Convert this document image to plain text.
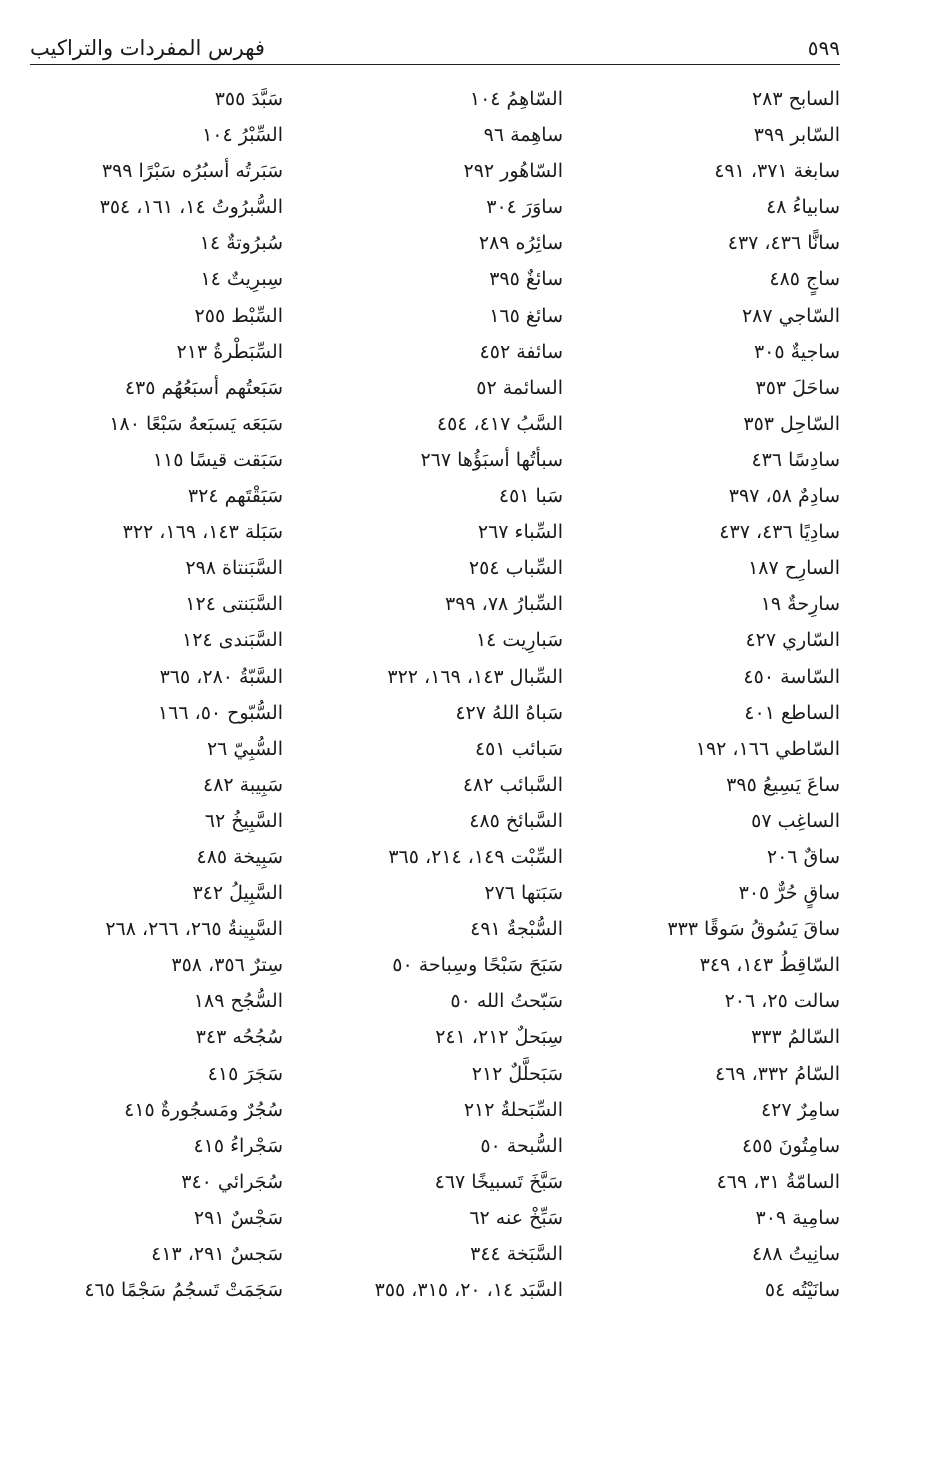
فهرس المفردات والتراكيب	٥٩٩
السابح ٢٨٣
السّابر ٣٩٩
سابغة ٣٧١، ٤٩١
سابياءُ ٤٨
سانًّا ٤٣٦، ٤٣٧
ساجٍ ٤٨٥
السّاجي ٢٨٧
ساجيةٌ ٣٠٥
ساحَلَ ٣٥٣
السّاحِل ٣٥٣
سادِسًا ٤٣٦
سادِمٌ ٥٨، ٣٩٧
سادِيًا ٤٣٦، ٤٣٧
السارِح ١٨٧
سارِحةٌ ١٩
السّاري ٤٢٧
السّاسة ٤٥٠
الساطع ٤٠١
السّاطي ١٦٦، ١٩٢
ساعَ يَسِيعُ ٣٩٥
الساغِب ٥٧
ساقٌ ٢٠٦
ساقٍ حُرٌّ ٣٠٥
ساقَ يَسُوقُ سَوقًا ٣٣٣
السّاقِطُ ١٤٣، ٣٤٩
سالت ٢٥، ٢٠٦
السّالمُ ٣٣٣
السّامُ ٣٣٢، ٤٦٩
سامِرٌ ٤٢٧
سامِتُونَ ٤٥٥
السامّةُ ٣١، ٤٦٩
سامِية ٣٠٩
سانِيتُ ٤٨٨
سانَيْتُه ٥٤
السّاهِمُ ١٠٤
ساهِمة ٩٦
السّاهُور ٢٩٢
ساوَرَ ٣٠٤
سائِرُه ٢٨٩
سائغٌ ٣٩٥
سائغ ١٦٥
سائفة ٤٥٢
السائمة ٥٢
السَّبُ ٤١٧، ٤٥٤
سبأتُها أسبَؤُها ٢٦٧
سَبا ٤٥١
السِّباء ٢٦٧
السِّباب ٢٥٤
السِّبارُ ٧٨، ٣٩٩
سَبارِيت ١٤
السِّبال ١٤٣، ١٦٩، ٣٢٢
سَباهُ اللهُ ٤٢٧
سَبائب ٤٥١
السَّبائب ٤٨٢
السَّبائخ ٤٨٥
السِّبْت ١٤٩، ٢١٤، ٣٦٥
سَبَتها ٢٧٦
السُّبْجةُ ٤٩١
سَبَحَ سَبْحًا وسِباحة ٥٠
سَبّحتُ الله ٥٠
سِبَحلٌ ٢١٢، ٢٤١
سَبَحلَّلٌ ٢١٢
السِّبَحلةُ ٢١٢
السُّبحة ٥٠
سَبَّخَ تَسبيخًا ٤٦٧
سَبِّخْ عنه ٦٢
السَّبَخة ٣٤٤
السَّبَد ١٤، ٢٠، ٣١٥، ٣٥٥
سَبَّدَ ٣٥٥
السِّبْرُ ١٠٤
سَبَرتُه أسبُرُه سَبْرًا ٣٩٩
السُّبرُوتُ ١٤، ١٦١، ٣٥٤
سُبرُوتةٌ ١٤
سِبرِيتٌ ١٤
السِّبْط ٢٥٥
السِّبَطْرةُ ٢١٣
سَبَعتُهم أسبَعُهُم ٤٣٥
سَبَعَه يَسبَعهُ سَبْعًا ١٨٠
سَبَقت قيسًا ١١٥
سَبَقْتَهم ٣٢٤
سَبَلة ١٤٣، ١٦٩، ٣٢٢
السَّبَنتاة ٢٩٨
السَّبَنتى ١٢٤
السَّبَندى ١٢٤
السَّبّةُ ٢٨٠، ٣٦٥
السُّبّوح ٥٠، ١٦٦
السُّبِيّ ٢٦
سَبِيبة ٤٨٢
السَّبِيخُ ٦٢
سَبِيخة ٤٨٥
السَّبِيلُ ٣٤٢
السَّبِينةُ ٢٦٥، ٢٦٦، ٢٦٨
سِترٌ ٣٥٦، ٣٥٨
السُّجُح ١٨٩
سُجُحُه ٣٤٣
سَجَرَ ٤١٥
سُجُرٌ ومَسجُورةٌ ٤١٥
سَجْراءُ ٤١٥
سُجَرائي ٣٤٠
سَجْسٌ ٢٩١
سَجسٌ ٢٩١، ٤١٣
سَجَمَتْ تَسجُمُ سَجْمًا ٤٦٥
